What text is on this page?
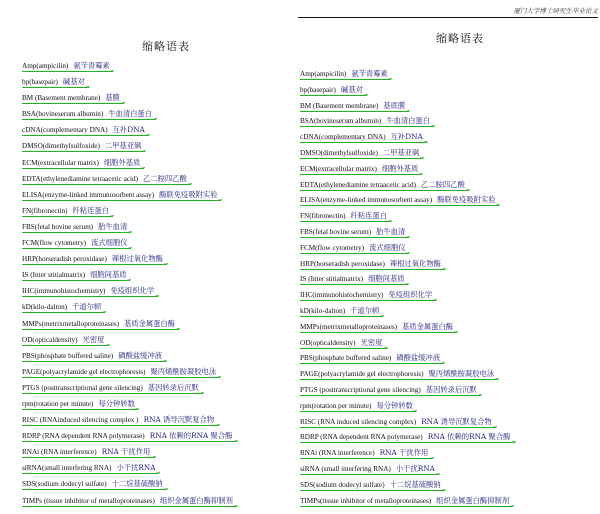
缩略语表
Amp(ampicilin) 氨苄青霉素
bp(basepair) 碱基对
BM (Basement membrane) 基膜
BSA(bovineserum albumin) 牛血清白蛋白
cDNA(complementary DNA) 互补DNA
DMSO(dimethylsulfoxide) 二甲基亚砜
ECM(extracellular matrix) 细胞外基质
EDTA(ethylenediamine tetraacetic acid) 乙二胺四乙酸
ELISA(enzyme-linked immunosorbent assay) 酶联免疫吸附实验
FN(fibronectin) 纤粘连蛋白
FBS(fetal bovine serum) 胎牛血清
FCM(flow cytometry) 流式细胞仪
HRP(horseradish peroxidase) 辣根过氧化物酶
IS (Inter stitialmatrix) 细胞间基质
IHC(immunohistochemistry) 免疫组织化学
kD(kilo-dalton) 千道尔顿
MMPs(metrixmetalloproteinases) 基质金属蛋白酶
OD(opticaldensity) 光密度
PBS(phosphate buffered saline) 磷酸盐缓冲液
PAGE(polyacrylamide gel electrophoresis) 聚丙烯酰胺凝胶电泳
PTGS (posttranscriptional gene silencing) 基因转录后沉默
rpm(rotation per minute) 每分钟转数
RISC (RNAinduced silencing complex ) RNA 诱导沉默复合物
RDRP (RNA dependent RNA polymerase) RNA 依赖的RNA 聚合酶
RNAi (RNA interference) RNA 干扰作用
siRNA(small interfering RNA) 小干扰RNA
SDS(sodium dodecyl sulfate) 十二烷基硫酸钠
TIMPs (tissue inhibitor of metalloproteinases) 组织金属蛋白酶抑制剂
厦门大学博士研究生毕业论文
缩略语表
Amp(ampicilin) 氨苄青霉素
bp(basepair) 碱基对
BM (Basement membrane) 基底膜
BSA(bovineserum albumin) 牛血清白蛋白
cDNA(complementary DNA) 互补DNA
DMSO(dimethylsulfoxide) 二甲基亚砜
ECM(extracellular matrix) 细胞外基质
EDTA(ethylenediamine tetraacetic acid) 乙二胺四乙酸
ELISA(enzyme-linked immunosorbent assay) 酶联免疫吸附实验
FN(fibronectin) 纤粘连蛋白
FBS(fetal bovine serum) 胎牛血清
FCM(flow cytometry) 流式细胞仪
HRP(horseradish peroxidase) 辣根过氧化物酶
IS (Inter stitialmatrix) 细胞间基质
IHC(immunohistochemistry) 免疫组织化学
kD(kilo-dalton) 千道尔顿
MMPs(metrixmetalloproteinases) 基质金属蛋白酶
OD(opticaldensity) 光密度
PBS(phosphate buffered saline) 磷酸盐缓冲液
PAGE(polyacrylamide gel electrophoresis) 聚丙烯酰胺凝胶电泳
PTGS (posttranscriptional gene silencing) 基因转录后沉默
rpm(rotation per minute) 每分钟转数
RISC (RNA induced silencing complex) RNA 诱导沉默复合物
RDRP (RNA dependent RNA polymerase) RNA 依赖的RNA 聚合酶
RNAi (RNA interference) RNA 干扰作用
siRNA (small interfering RNA) 小干扰RNA
SDS(sodium dodecyl sulfate) 十二烷基硫酸钠
TIMPs(tissue inhibitor of metalloproteinases) 组织金属蛋白酶抑制剂
